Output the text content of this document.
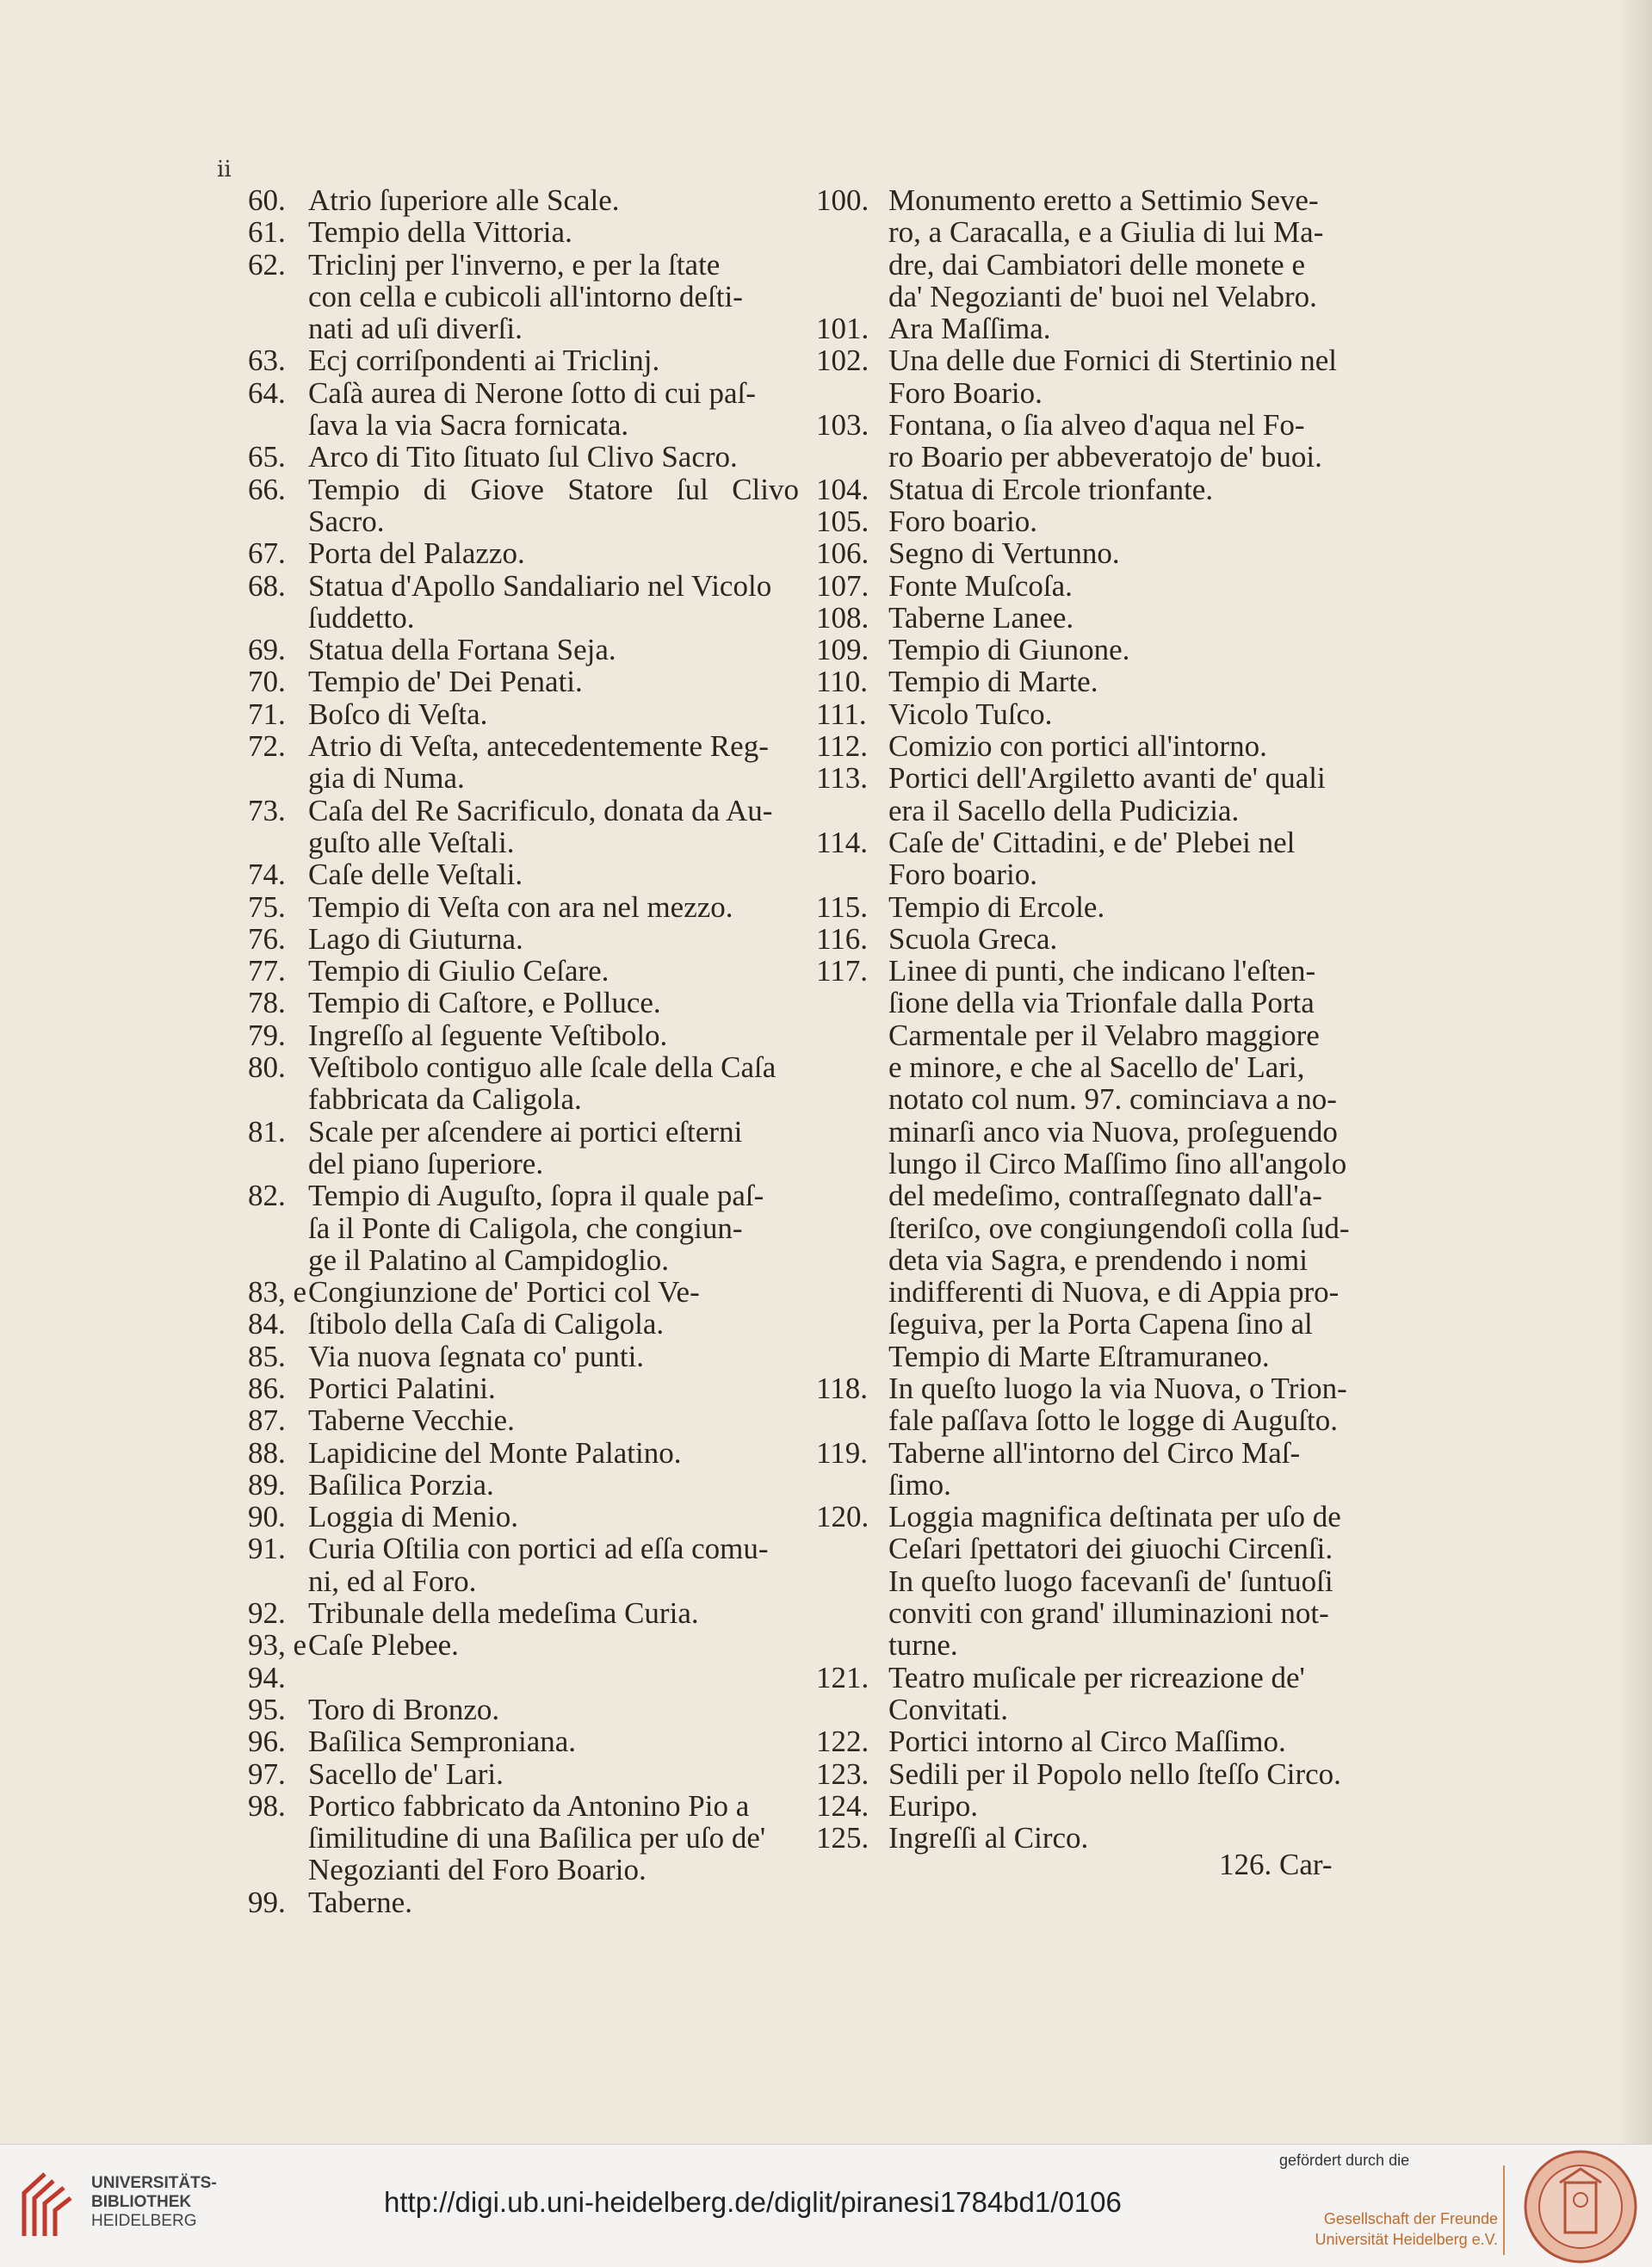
ii
60. Atrio ſuperiore alle Scale.
61. Tempio della Vittoria.
62. Triclinj per l'inverno, e per la ſtate
con cella e cubicoli all'intorno deſti-
nati ad uſi diverſi.
63. Ecj corriſpondenti ai Triclinj.
64. Caſà aurea di Nerone ſotto di cui paſ-
ſava la via Sacra fornicata.
65. Arco di Tito ſituato ſul Clivo Sacro.
66. Tempio di Giove Statore ſul Clivo Sacro.
67. Porta del Palazzo.
68. Statua d'Apollo Sandaliario nel Vicolo
ſuddetto.
69. Statua della Fortana Seja.
70. Tempio de' Dei Penati.
71. Boſco di Veſta.
72. Atrio di Veſta, antecedentemente Reg-
gia di Numa.
73. Caſa del Re Sacrificulo, donata da Au-
guſto alle Veſtali.
74. Caſe delle Veſtali.
75. Tempio di Veſta con ara nel mezzo.
76. Lago di Giuturna.
77. Tempio di Giulio Ceſare.
78. Tempio di Caſtore, e Polluce.
79. Ingreſſo al ſeguente Veſtibolo.
80. Veſtibolo contiguo alle ſcale della Caſa
fabbricata da Caligola.
81. Scale per aſcendere ai portici eſterni
del piano ſuperiore.
82. Tempio di Auguſto, ſopra il quale paſ-
ſa il Ponte di Caligola, che congiun-
ge il Palatino al Campidoglio.
83, e 84.
Congiunzione de' Portici col Ve-
ſtibolo della Caſa di Caligola.
85. Via nuova ſegnata co' punti.
86. Portici Palatini.
87. Taberne Vecchie.
88. Lapidicine del Monte Palatino.
89. Baſilica Porzia.
90. Loggia di Menio.
91. Curia Oſtilia con portici ad eſſa comu-
ni, ed al Foro.
92. Tribunale della medeſima Curia.
93, e 94.
Caſe Plebee.
95. Toro di Bronzo.
96. Baſilica Semproniana.
97. Sacello de' Lari.
98. Portico fabbricato da Antonino Pio a
ſimilitudine di una Baſilica per uſo de'
Negozianti del Foro Boario.
99. Taberne.
100. Monumento eretto a Settimio Seve-
ro, a Caracalla, e a Giulia di lui Ma-
dre, dai Cambiatori delle monete e
da' Negozianti de' buoi nel Velabro.
101. Ara Maſſima.
102. Una delle due Fornici di Stertinio nel
Foro Boario.
103. Fontana, o ſia alveo d'aqua nel Fo-
ro Boario per abbeveratojo de' buoi.
104. Statua di Ercole trionfante.
105. Foro boario.
106. Segno di Vertunno.
107. Fonte Muſcoſa.
108. Taberne Lanee.
109. Tempio di Giunone.
110. Tempio di Marte.
111. Vicolo Tuſco.
112. Comizio con portici all'intorno.
113. Portici dell'Argiletto avanti de' quali
era il Sacello della Pudicizia.
114. Caſe de' Cittadini, e de' Plebei nel
Foro boario.
115. Tempio di Ercole.
116. Scuola Greca.
117. Linee di punti, che indicano l'eſten-
ſione della via Trionfale dalla Porta
Carmentale per il Velabro maggiore
e minore, e che al Sacello de' Lari,
notato col num. 97. cominciava a no-
minarſi anco via Nuova, proſeguendo
lungo il Circo Maſſimo ſino all'angolo
del medeſimo, contraſſegnato dall'a-
ſteriſco, ove congiungendoſi colla ſud-
deta via Sagra, e prendendo i nomi
indifferenti di Nuova, e di Appia pro-
ſeguiva, per la Porta Capena ſino al
Tempio di Marte Eſtramuraneo.
118. In queſto luogo la via Nuova, o Trion-
fale paſſava ſotto le logge di Auguſto.
119. Taberne all'intorno del Circo Maſ-
ſimo.
120. Loggia magnifica deſtinata per uſo de
Ceſari ſpettatori dei giuochi Circenſi.
In queſto luogo facevanſi de' ſuntuoſi
conviti con grand' illuminazioni not-
turne.
121. Teatro muſicale per ricreazione de'
Convitati.
122. Portici intorno al Circo Maſſimo.
123. Sedili per il Popolo nello ſteſſo Circo.
124. Euripo.
125. Ingreſſi al Circo.
126. Car-
UNIVERSITÄTS-
BIBLIOTHEK
HEIDELBERG
http://digi.ub.uni-heidelberg.de/diglit/piranesi1784bd1/0106
gefördert durch die
Gesellschaft der Freunde
Universität Heidelberg e.V.
